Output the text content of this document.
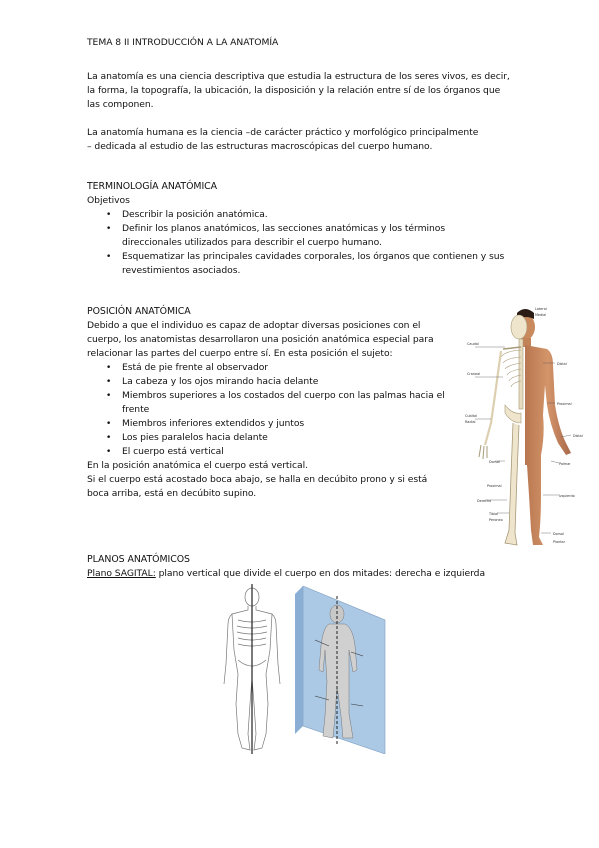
TEMA 8 II INTRODUCCIÓN A LA ANATOMÍA
La anatomía es una ciencia descriptiva que estudia la estructura de los seres vivos, es decir,
la forma, la topografía, la ubicación, la disposición y la relación entre sí de los órganos que
las componen.
La anatomía humana es la ciencia –de carácter práctico y morfológico principalmente
– dedicada al estudio de las estructuras macroscópicas del cuerpo humano.
TERMINOLOGÍA ANATÓMICA
Objetivos
• Describir la posición anatómica.
• Definir los planos anatómicos, las secciones anatómicas y los términos
direccionales utilizados para describir el cuerpo humano.
• Esquematizar las principales cavidades corporales, los órganos que contienen y sus
revestimientos asociados.
POSICIÓN ANATÓMICA
Debido a que el individuo es capaz de adoptar diversas posiciones con el
cuerpo, los anatomistas desarrollaron una posición anatómica especial para
relacionar las partes del cuerpo entre sí. En esta posición el sujeto:
• Está de pie frente al observador
• La cabeza y los ojos mirando hacia delante
• Miembros superiores a los costados del cuerpo con las palmas hacia el
frente
• Miembros inferiores extendidos y juntos
• Los pies paralelos hacia delante
• El cuerpo está vertical
En la posición anatómica el cuerpo está vertical.
Si el cuerpo está acostado boca abajo, se halla en decúbito prono y si está
boca arriba, está en decúbito supino.
Lateral
Medial
Caudal
Craneal
Distal
Proximal
Cubital
Radial
Distal
Dorsal	Palmar
Derecho
Izquierdo
Proximal
Tibial
Peroneo
Dorsal
Plantar
PLANOS ANATÓMICOS
Plano SAGITAL: plano vertical que divide el cuerpo en dos mitades: derecha e izquierda
